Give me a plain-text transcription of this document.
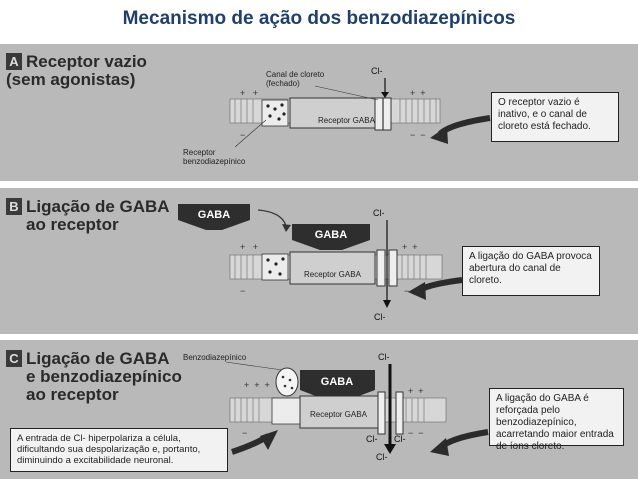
Mecanismo de ação dos benzodiazepínicos
A Receptor vazio
(sem agonistas)
+   +	+  +
−	−  −
Canal de cloreto (fechado)
Receptor GABA
Receptor benzodiazepínico
Cl-
O receptor vazio é inativo, e o canal de cloreto está fechado.
B Ligação de GABA
ao receptor
+   +	+  +
−	−  −
GABA
GABA
Receptor GABA
Cl-
Cl-
A ligação do GABA provoca abertura do canal de cloreto.
C Ligação de GABA
e benzodiazepínico
ao receptor	+  +  +
+  +
−	−  −
Benzodiazepínico
GABA
Receptor GABA
Cl-
Cl- Cl-
Cl-
A entrada de Cl- hiperpolariza a célula, dificultando sua despolarização e, portanto, diminuindo a excitabilidade neuronal.
A ligação do GABA é reforçada pelo benzodiazepínico, acarretando maior entrada de íons cloreto.
